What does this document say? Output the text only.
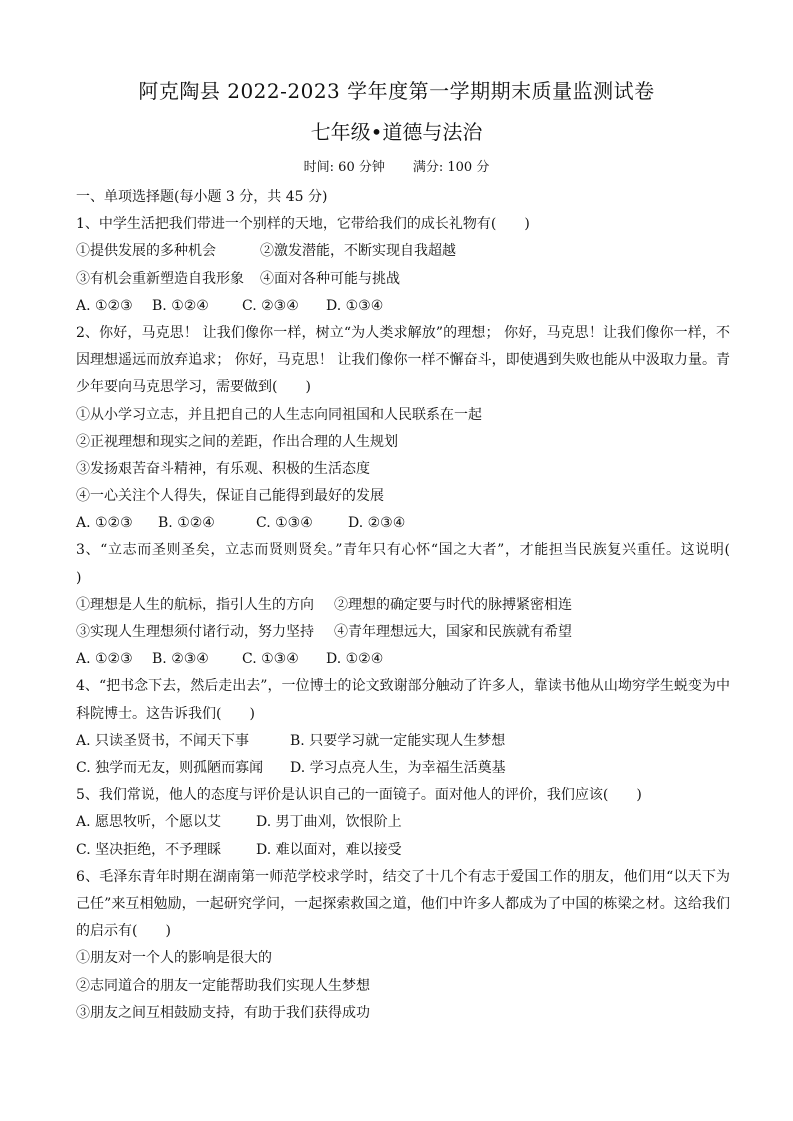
阿克陶县 2022-2023 学年度第一学期期末质量监测试卷
七年级•道德与法治
时间: 60 分钟 满分: 100 分
一、单项选择题(每小题 3 分，共 45 分)
1、中学生活把我们带进一个别样的天地，它带给我们的成长礼物有(　　)
①提供发展的多种机会	②激发潜能，不断实现自我超越
③有机会重新塑造自我形象	④面对各种可能与挑战
A. ①②③	B. ①②④	C. ②③④	D. ①③④
2、你好，马克思！ 让我们像你一样，树立“为人类求解放”的理想； 你好，马克思！让我们像你一样，不因理想遥远而放弃追求； 你好，马克思！ 让我们像你一样不懈奋斗，即使遇到失败也能从中汲取力量。青少年要向马克思学习，需要做到(　　)
①从小学习立志，并且把自己的人生志向同祖国和人民联系在一起
②正视理想和现实之间的差距，作出合理的人生规划
③发扬艰苦奋斗精神，有乐观、积极的生活态度
④一心关注个人得失，保证自己能得到最好的发展
A. ①②③	B. ①②④	C. ①③④	D. ②③④
3、“立志而圣则圣矣，立志而贤则贤矣。”青年只有心怀“国之大者”，才能担当民族复兴重任。这说明(　　)
①理想是人生的航标，指引人生的方向	②理想的确定要与时代的脉搏紧密相连
③实现人生理想须付诸行动，努力坚持	④青年理想远大，国家和民族就有希望
A. ①②③	B. ②③④	C. ①③④	D. ①②④
4、“把书念下去，然后走出去”，一位博士的论文致谢部分触动了许多人，靠读书他从山坳穷学生蜕变为中科院博士。这告诉我们(　　)
A. 只读圣贤书，不闻天下事	B. 只要学习就一定能实现人生梦想
C. 独学而无友，则孤陋而寡闻	D. 学习点亮人生，为幸福生活奠基
5、我们常说，他人的态度与评价是认识自己的一面镜子。面对他人的评价，我们应该(　　)
A. 愿思牧听，个愿以艾	D. 男丁曲刈，饮恨阶上
C. 坚决拒绝，不予理睬	D. 难以面对，难以接受
6、毛泽东青年时期在湖南第一师范学校求学时，结交了十几个有志于爱国工作的朋友，他们用“以天下为己任”来互相勉励，一起研究学问，一起探索救国之道，他们中许多人都成为了中国的栋梁之材。这给我们的启示有(　　)
①朋友对一个人的影响是很大的
②志同道合的朋友一定能帮助我们实现人生梦想
③朋友之间互相鼓励支持，有助于我们获得成功
